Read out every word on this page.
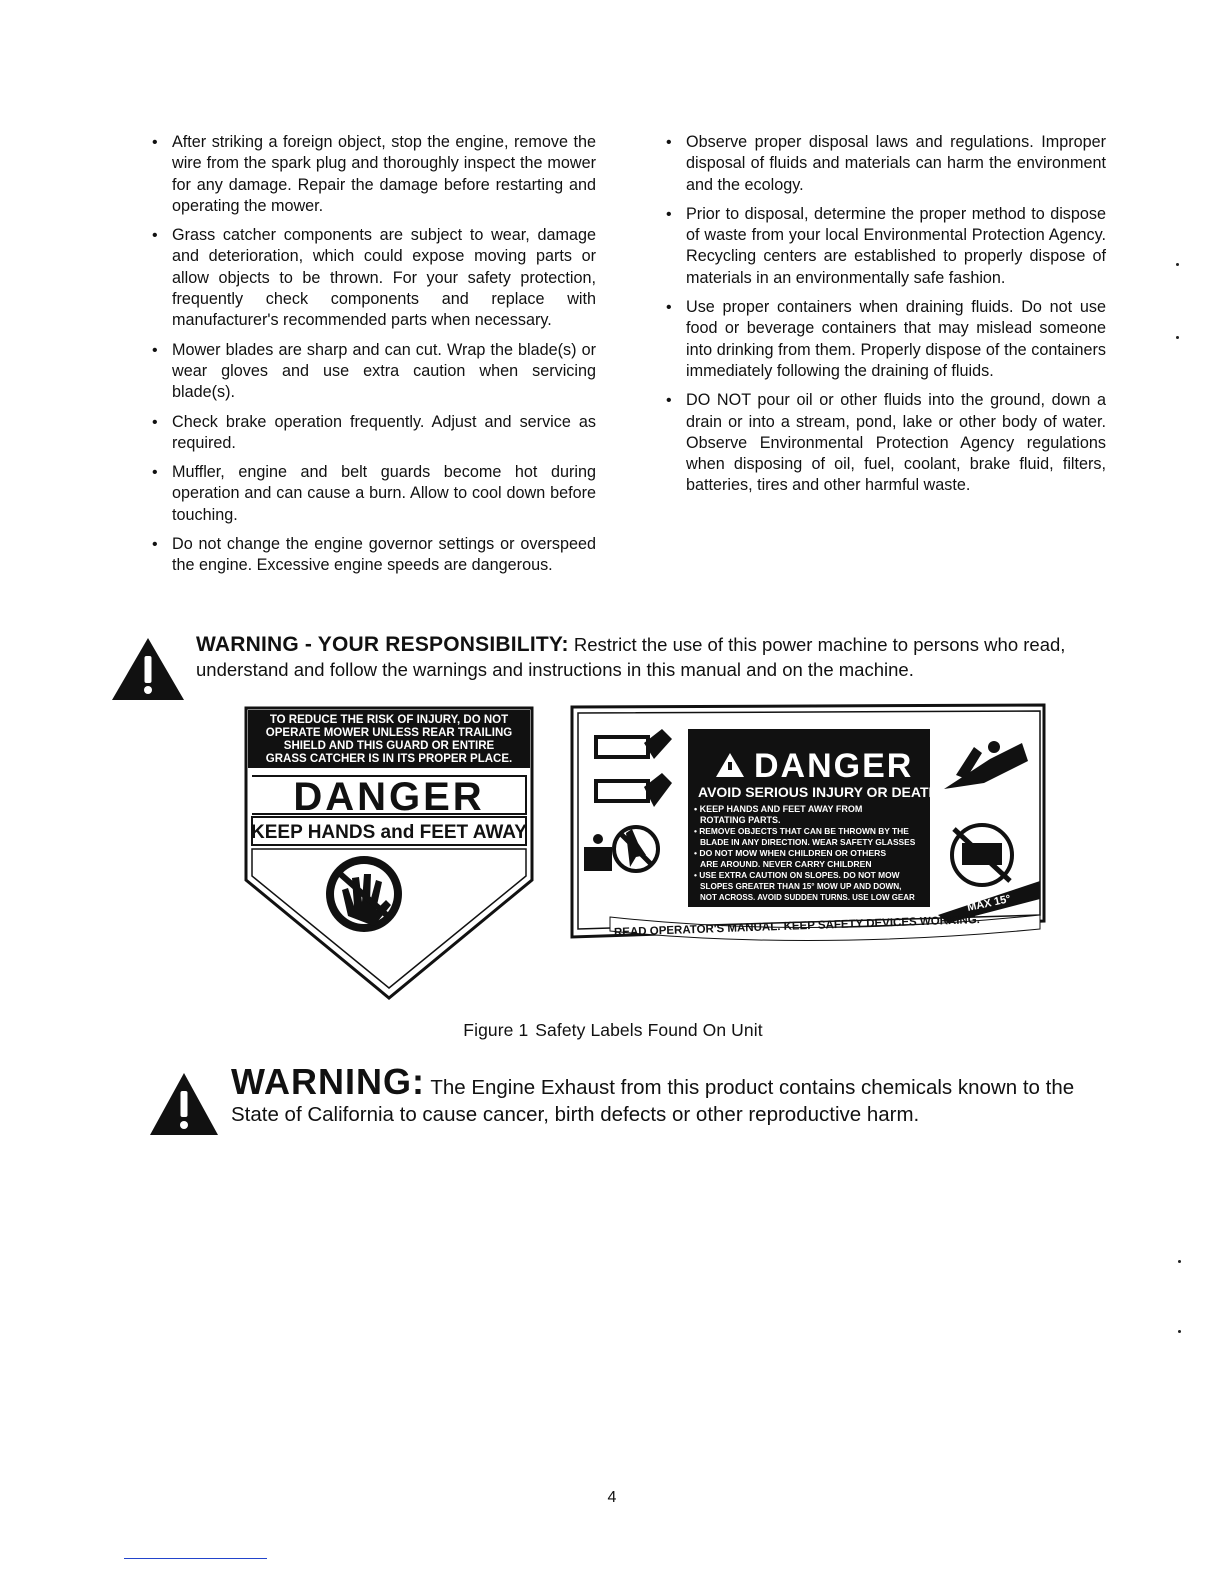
• After striking a foreign object, stop the engine, remove the wire from the spark plug and thoroughly inspect the mower for any damage. Repair the damage before restarting and operating the mower.
• Grass catcher components are subject to wear, damage and deterioration, which could expose moving parts or allow objects to be thrown. For your safety protection, frequently check components and replace with manufacturer's recommended parts when necessary.
• Mower blades are sharp and can cut. Wrap the blade(s) or wear gloves and use extra caution when servicing blade(s).
• Check brake operation frequently. Adjust and service as required.
• Muffler, engine and belt guards become hot during operation and can cause a burn. Allow to cool down before touching.
• Do not change the engine governor settings or overspeed the engine. Excessive engine speeds are dangerous.
• Observe proper disposal laws and regulations. Improper disposal of fluids and materials can harm the environment and the ecology.
• Prior to disposal, determine the proper method to dispose of waste from your local Environmental Protection Agency. Recycling centers are established to properly dispose of materials in an environmentally safe fashion.
• Use proper containers when draining fluids. Do not use food or beverage containers that may mislead someone into drinking from them. Properly dispose of the containers immediately following the draining of fluids.
• DO NOT pour oil or other fluids into the ground, down a drain or into a stream, pond, lake or other body of water. Observe Environmental Protection Agency regulations when disposing of oil, fuel, coolant, brake fluid, filters, batteries, tires and other harmful waste.
WARNING - YOUR RESPONSIBILITY: Restrict the use of this power machine to persons who read, understand and follow the warnings and instructions in this manual and on the machine.
TO REDUCE THE RISK OF INJURY, DO NOT
OPERATE MOWER UNLESS REAR TRAILING
SHIELD AND THIS GUARD OR ENTIRE
GRASS CATCHER IS IN ITS PROPER PLACE.
DANGER
KEEP HANDS and FEET AWAY
DANGER
AVOID SERIOUS INJURY OR DEATH
• KEEP HANDS AND FEET AWAY FROM
ROTATING PARTS.
• REMOVE OBJECTS THAT CAN BE THROWN BY THE
BLADE IN ANY DIRECTION. WEAR SAFETY GLASSES
• DO NOT MOW WHEN CHILDREN OR OTHERS
ARE AROUND. NEVER CARRY CHILDREN
• USE EXTRA CAUTION ON SLOPES. DO NOT MOW
SLOPES GREATER THAN 15° MOW UP AND DOWN,
NOT ACROSS. AVOID SUDDEN TURNS. USE LOW GEAR	MAX 15°
READ OPERATOR'S MANUAL. KEEP SAFETY DEVICES WORKING.
Figure 1 Safety Labels Found On Unit
WARNING: The Engine Exhaust from this product contains chemicals known to the State of California to cause cancer, birth defects or other reproductive harm.
4
